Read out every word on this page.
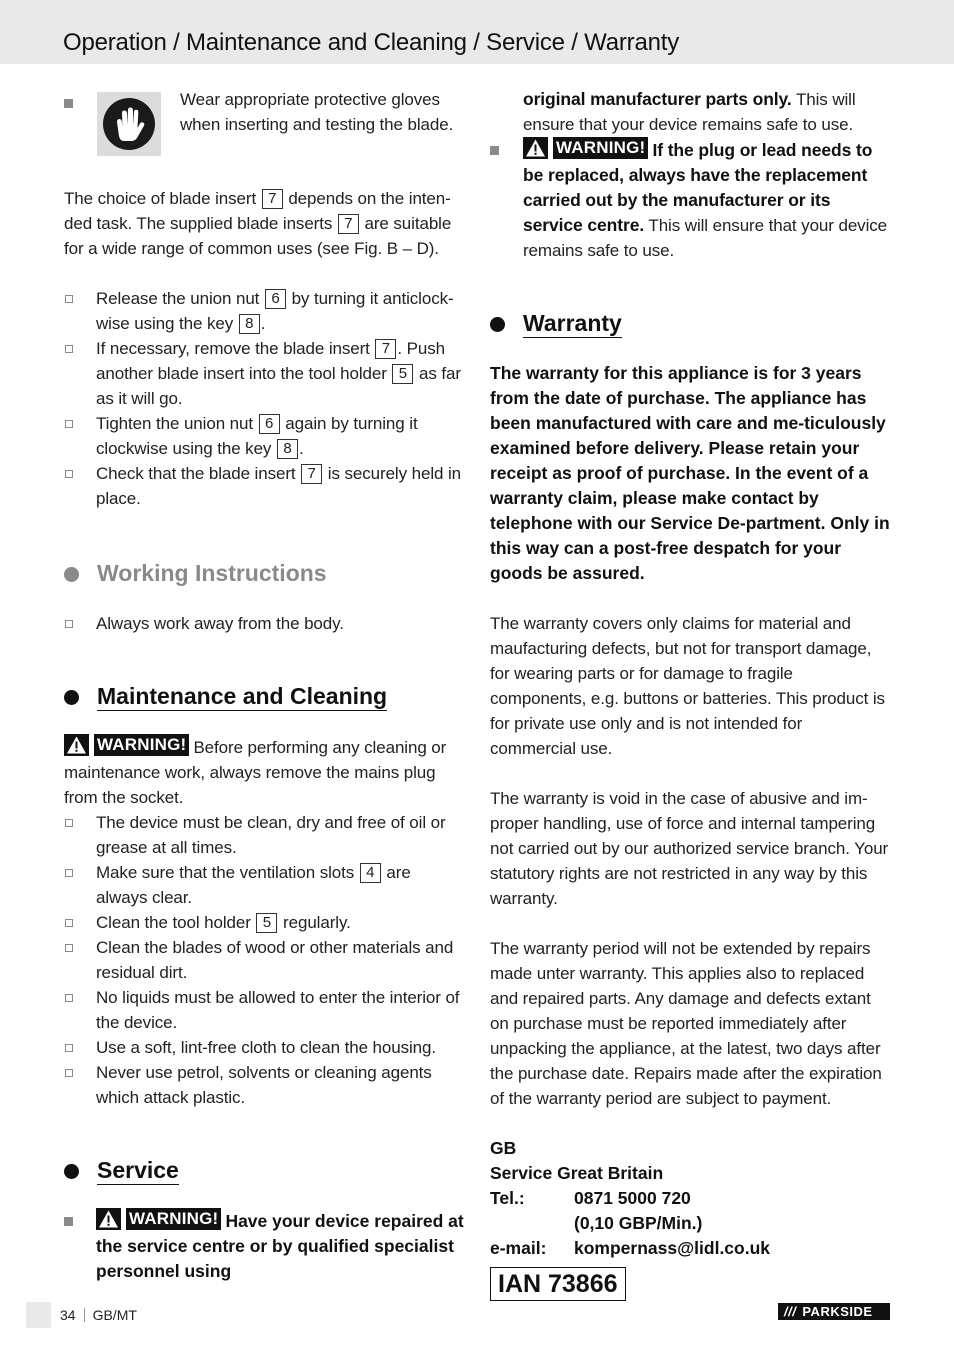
Operation / Maintenance and Cleaning / Service / Warranty
Wear appropriate protective gloves when inserting and testing the blade.
The choice of blade insert 7 depends on the inten-ded task. The supplied blade inserts 7 are suitable for a wide range of common uses (see Fig. B – D).
Release the union nut 6 by turning it anticlock-wise using the key 8 .
If necessary, remove the blade insert 7 . Push another blade insert into the tool holder 5 as far as it will go.
Tighten the union nut 6 again by turning it clockwise using the key 8 .
Check that the blade insert 7 is securely held in place.
Working Instructions
Always work away from the body.
Maintenance and Cleaning
WARNING! Before performing any cleaning or maintenance work, always remove the mains plug from the socket.
The device must be clean, dry and free of oil or grease at all times.
Make sure that the ventilation slots 4 are always clear.
Clean the tool holder 5 regularly.
Clean the blades of wood or other materials and residual dirt.
No liquids must be allowed to enter the interior of the device.
Use a soft, lint-free cloth to clean the housing.
Never use petrol, solvents or cleaning agents which attack plastic.
Service
WARNING! Have your device repaired at the service centre or by qualified specialist personnel using
original manufacturer parts only. This will ensure that your device remains safe to use.
WARNING! If the plug or lead needs to be replaced, always have the replacement carried out by the manufacturer or its service centre. This will ensure that your device remains safe to use.
Warranty
The warranty for this appliance is for 3 years from the date of purchase. The appliance has been manufactured with care and me-ticulously examined before delivery. Please retain your receipt as proof of purchase. In the event of a warranty claim, please make contact by telephone with our Service De-partment. Only in this way can a post-free despatch for your goods be assured.
The warranty covers only claims for material and maufacturing defects, but not for transport damage, for wearing parts or for damage to fragile components, e.g. buttons or batteries. This product is for private use only and is not intended for commercial use.
The warranty is void in the case of abusive and im-proper handling, use of force and internal tampering not carried out by our authorized service branch. Your statutory rights are not restricted in any way by this warranty.
The warranty period will not be extended by repairs made unter warranty. This applies also to replaced and repaired parts. Any damage and defects extant on purchase must be reported immediately after unpacking the appliance, at the latest, two days after the purchase date. Repairs made after the expiration of the warranty period are subject to payment.
GB
Service Great Britain
Tel.:	0871 5000 720
(0,10 GBP/Min.)
e-mail:	kompernass@lidl.co.uk
IAN 73866
34 GB/MT	/// PARKSIDE
